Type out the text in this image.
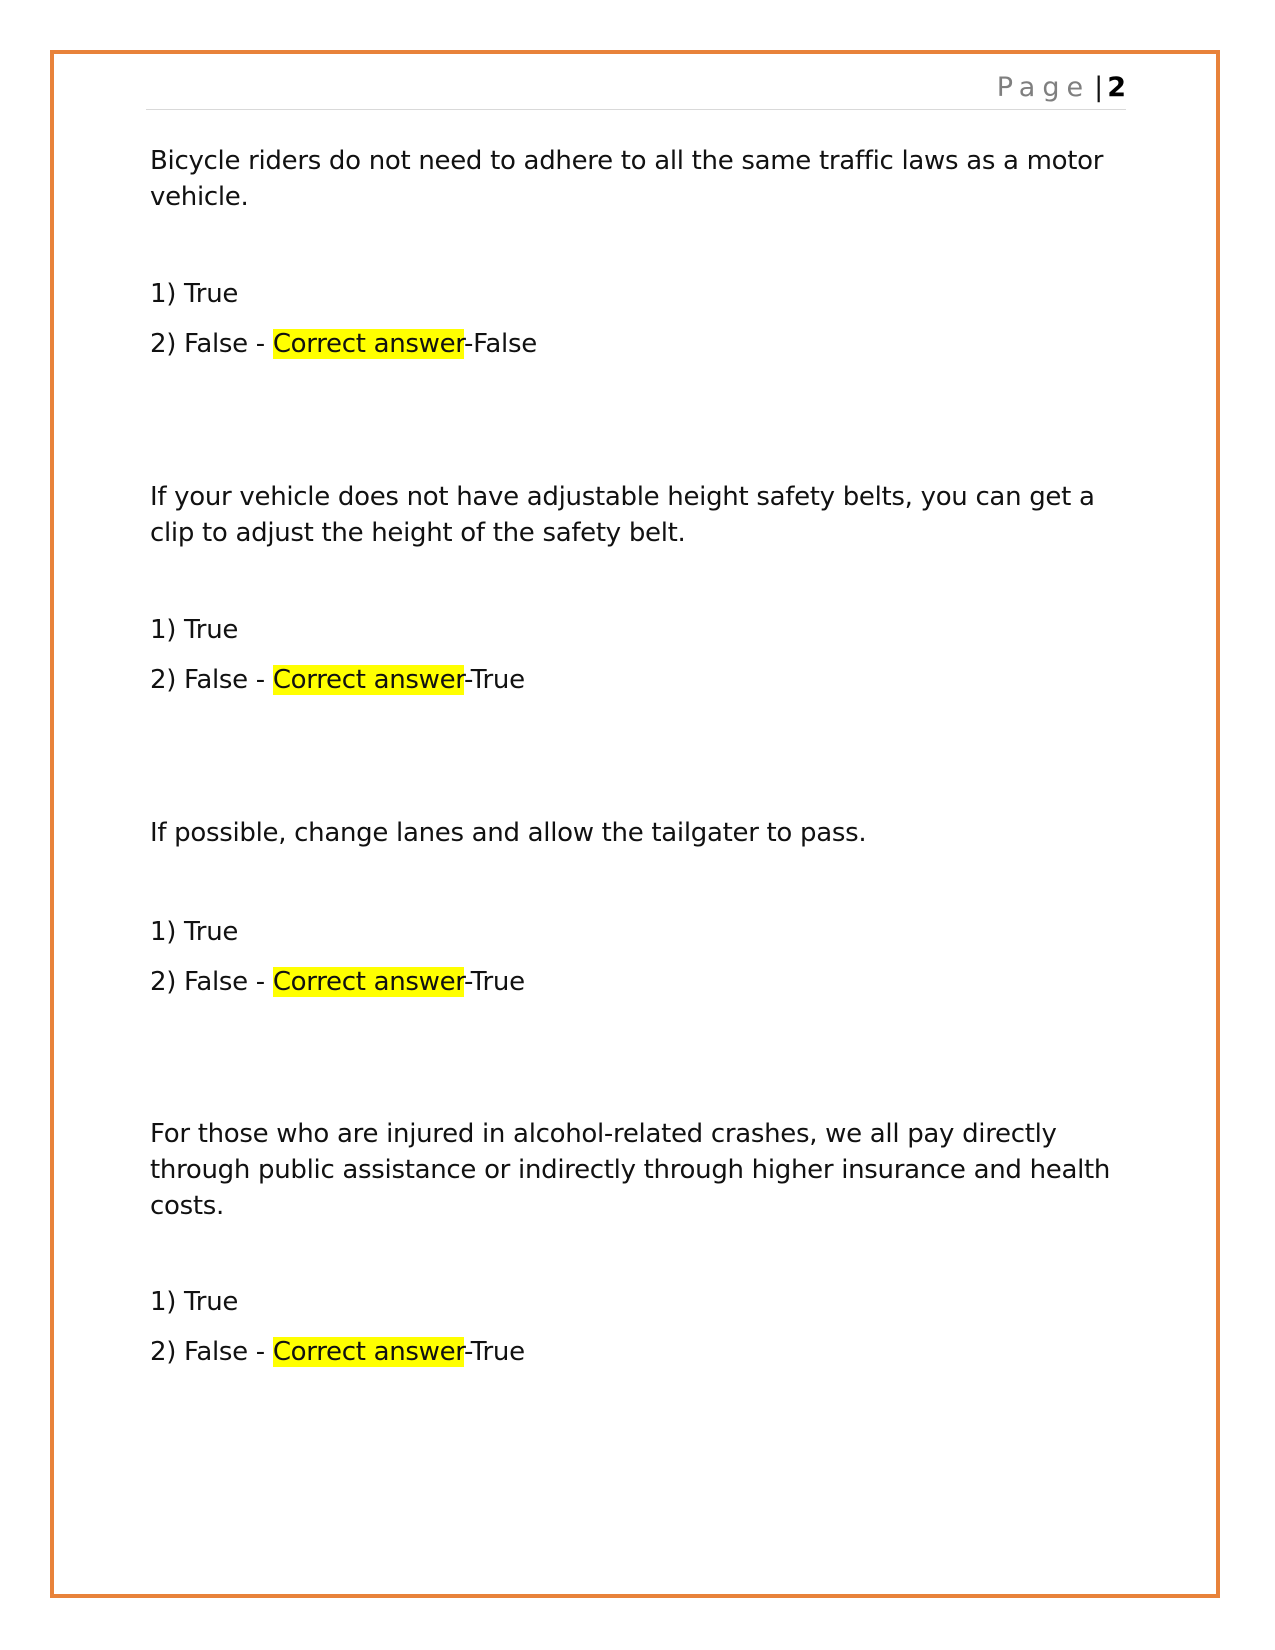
Page | 2

Bicycle riders do not need to adhere to all the same traffic laws as a motor vehicle.

1) True
2) False - Correct answer-False

If your vehicle does not have adjustable height safety belts, you can get a clip to adjust the height of the safety belt.

1) True
2) False - Correct answer-True

If possible, change lanes and allow the tailgater to pass.

1) True
2) False - Correct answer-True

For those who are injured in alcohol-related crashes, we all pay directly through public assistance or indirectly through higher insurance and health costs.

1) True
2) False - Correct answer-True
